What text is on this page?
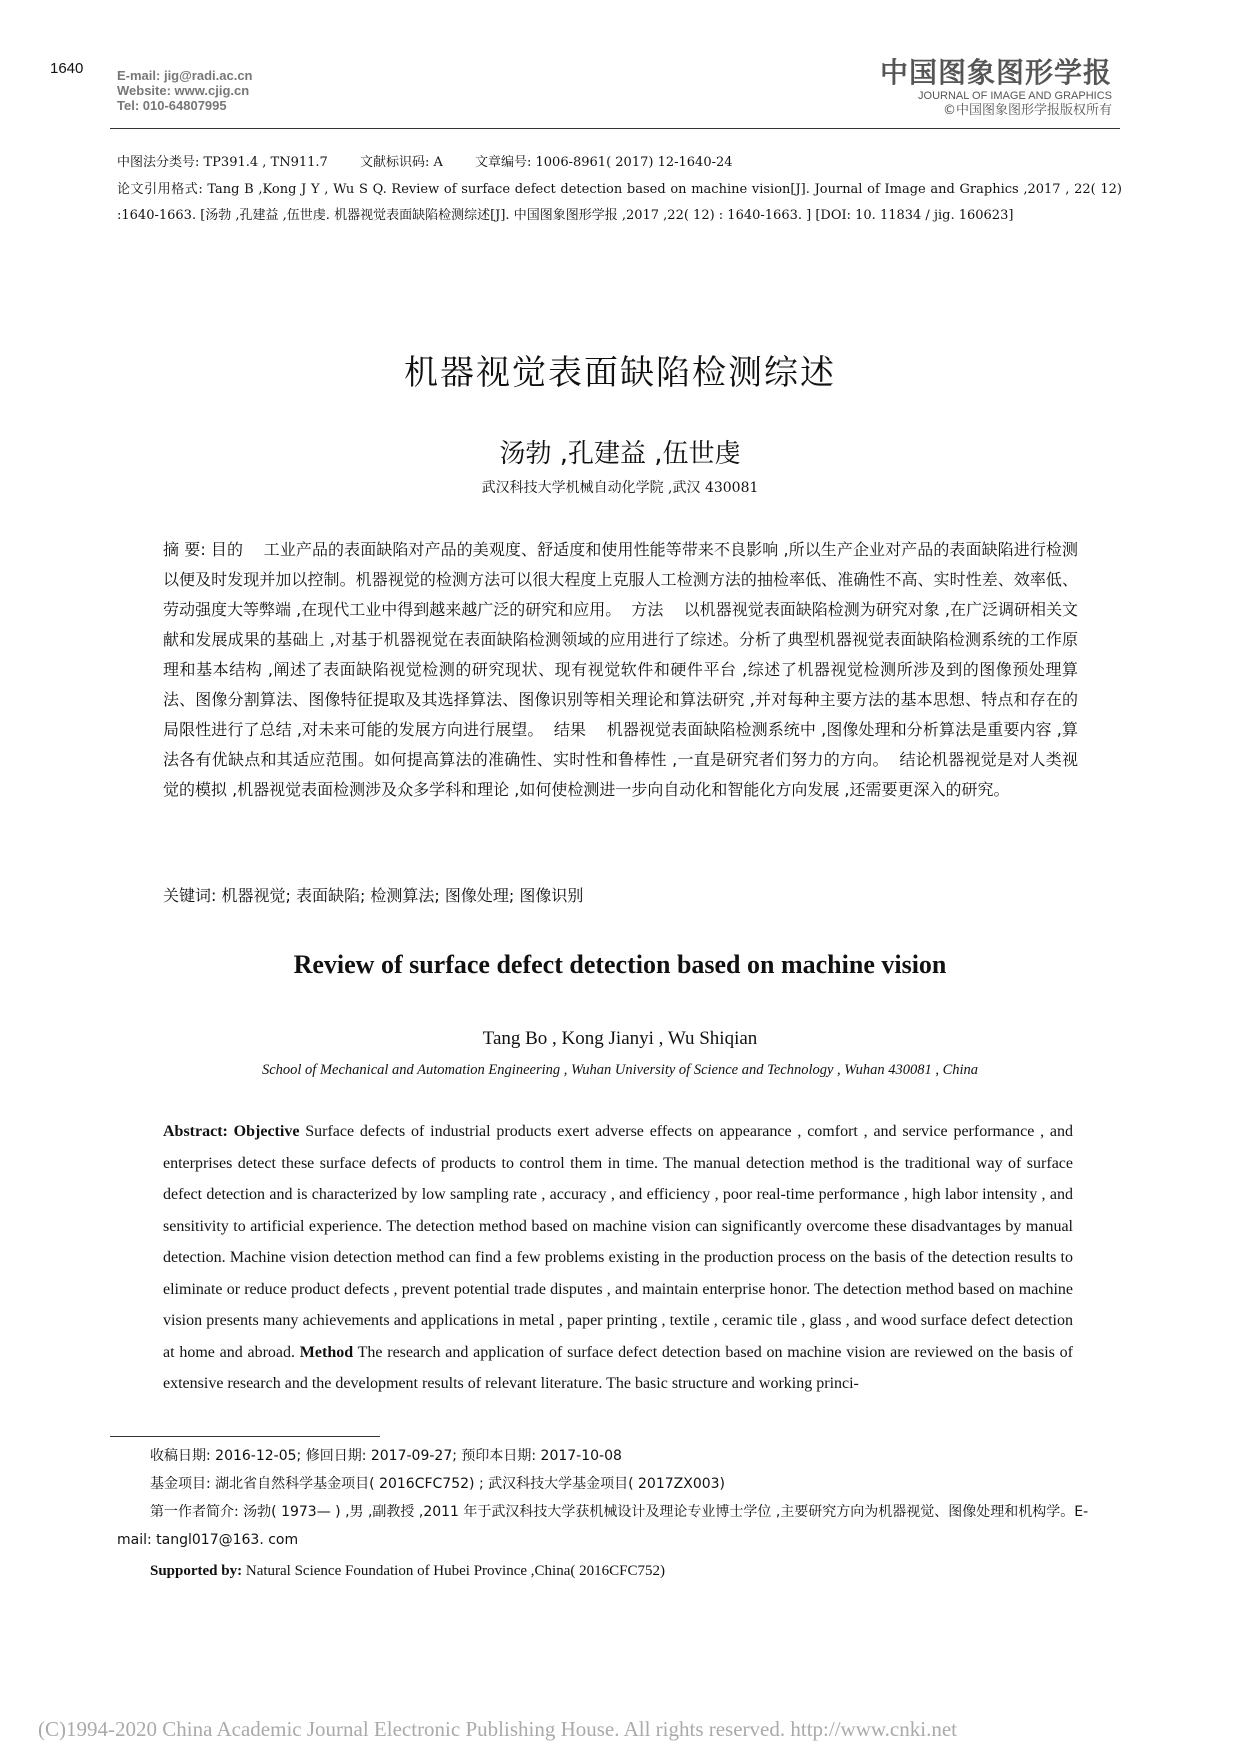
1640	E-mail: jig@radi.ac.cn
Website: www.cjig.cn
Tel: 010-64807995
中国图象图形学报
JOURNAL OF IMAGE AND GRAPHICS
©中国图象图形学报版权所有
中图法分类号: TP391.4 , TN911.7 文献标识码: A 文章编号: 1006-8961( 2017) 12-1640-24
论文引用格式: Tang B ,Kong J Y , Wu S Q. Review of surface defect detection based on machine vision[J]. Journal of Image and Graphics ,2017 , 22( 12) :1640-1663. [汤勃 ,孔建益 ,伍世虔. 机器视觉表面缺陷检测综述[J]. 中国图象图形学报 ,2017 ,22( 12) : 1640-1663. ] [DOI: 10. 11834 / jig. 160623]
机器视觉表面缺陷检测综述
汤勃 ,孔建益 ,伍世虔
武汉科技大学机械自动化学院 ,武汉 430081
摘 要: 目的 工业产品的表面缺陷对产品的美观度、舒适度和使用性能等带来不良影响 ,所以生产企业对产品的表面缺陷进行检测以便及时发现并加以控制。机器视觉的检测方法可以很大程度上克服人工检测方法的抽检率低、准确性不高、实时性差、效率低、劳动强度大等弊端 ,在现代工业中得到越来越广泛的研究和应用。 方法 以机器视觉表面缺陷检测为研究对象 ,在广泛调研相关文献和发展成果的基础上 ,对基于机器视觉在表面缺陷检测领域的应用进行了综述。分析了典型机器视觉表面缺陷检测系统的工作原理和基本结构 ,阐述了表面缺陷视觉检测的研究现状、现有视觉软件和硬件平台 ,综述了机器视觉检测所涉及到的图像预处理算法、图像分割算法、图像特征提取及其选择算法、图像识别等相关理论和算法研究 ,并对每种主要方法的基本思想、特点和存在的局限性进行了总结 ,对未来可能的发展方向进行展望。 结果 机器视觉表面缺陷检测系统中 ,图像处理和分析算法是重要内容 ,算法各有优缺点和其适应范围。如何提高算法的准确性、实时性和鲁棒性 ,一直是研究者们努力的方向。 结论机器视觉是对人类视觉的模拟 ,机器视觉表面检测涉及众多学科和理论 ,如何使检测进一步向自动化和智能化方向发展 ,还需要更深入的研究。
关键词: 机器视觉; 表面缺陷; 检测算法; 图像处理; 图像识别
Review of surface defect detection based on machine vision
Tang Bo , Kong Jianyi , Wu Shiqian
School of Mechanical and Automation Engineering , Wuhan University of Science and Technology , Wuhan 430081 , China
Abstract: Objective Surface defects of industrial products exert adverse effects on appearance , comfort , and service performance , and enterprises detect these surface defects of products to control them in time. The manual detection method is the traditional way of surface defect detection and is characterized by low sampling rate , accuracy , and efficiency , poor real-time performance , high labor intensity , and sensitivity to artificial experience. The detection method based on machine vision can significantly overcome these disadvantages by manual detection. Machine vision detection method can find a few problems existing in the production process on the basis of the detection results to eliminate or reduce product defects , prevent potential trade disputes , and maintain enterprise honor. The detection method based on machine vision presents many achievements and applications in metal , paper printing , textile , ceramic tile , glass , and wood surface defect detection at home and abroad. Method The research and application of surface defect detection based on machine vision are reviewed on the basis of extensive research and the development results of relevant literature. The basic structure and working princi-
收稿日期: 2016-12-05; 修回日期: 2017-09-27; 预印本日期: 2017-10-08
基金项目: 湖北省自然科学基金项目( 2016CFC752) ; 武汉科技大学基金项目( 2017ZX003)
第一作者简介: 汤勃( 1973— ) ,男 ,副教授 ,2011 年于武汉科技大学获机械设计及理论专业博士学位 ,主要研究方向为机器视觉、图像处理和机构学。E-mail: tangl017@163. com
Supported by: Natural Science Foundation of Hubei Province ,China( 2016CFC752)
(C)1994-2020 China Academic Journal Electronic Publishing House. All rights reserved. http://www.cnki.net
